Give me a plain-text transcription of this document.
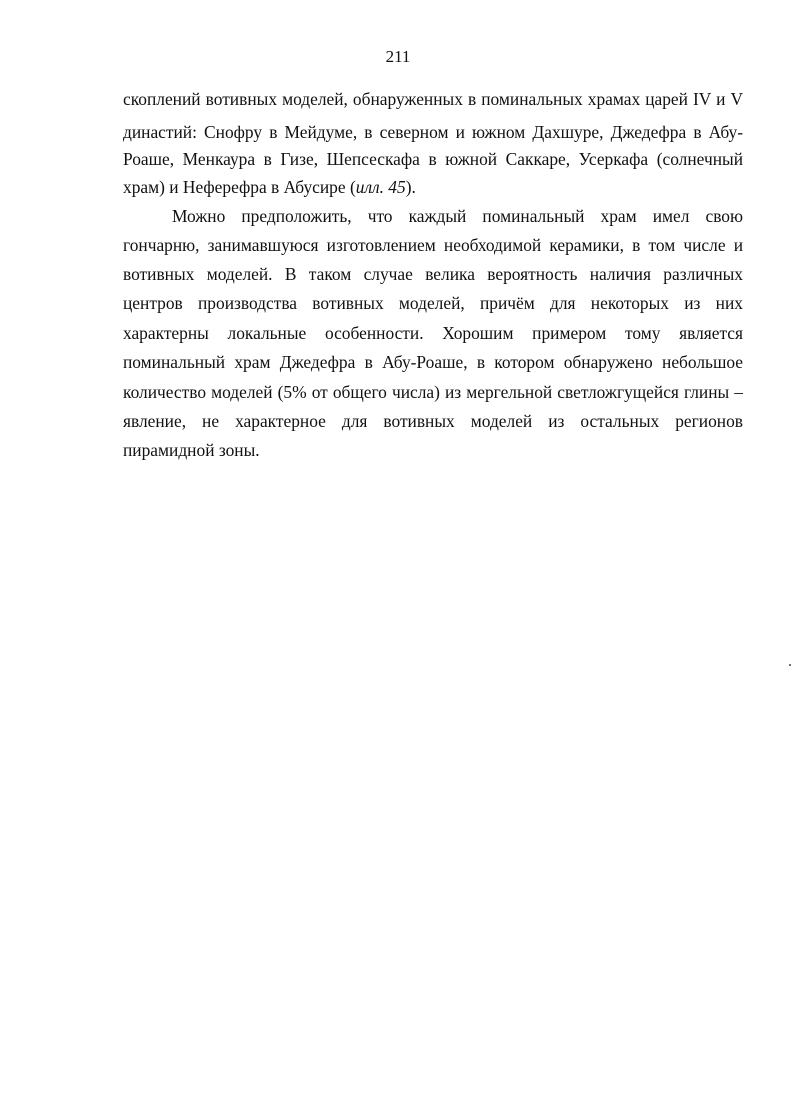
211
скоплений вотивных моделей, обнаруженных в поминальных храмах царей IV и V
династий: Снофру в Мейдуме, в северном и южном Дахшуре, Джедефра в Абу-
Роаше, Менкаура в Гизе, Шепсескафа в южной Саккаре, Усеркафа (солнечный
храм) и Неферефра в Абусире (илл. 45).
Можно предположить, что каждый поминальный храм имел свою
гончарню, занимавшуюся изготовлением необходимой керамики, в том числе и
вотивных моделей. В таком случае велика вероятность наличия различных
центров производства вотивных моделей, причём для некоторых из них
характерны локальные особенности. Хорошим примером тому является
поминальный храм Джедефра в Абу-Роаше, в котором обнаружено небольшое
количество моделей (5% от общего числа) из мергельной светложгущейся глины –
явление, не характерное для вотивных моделей из остальных регионов
пирамидной зоны.
